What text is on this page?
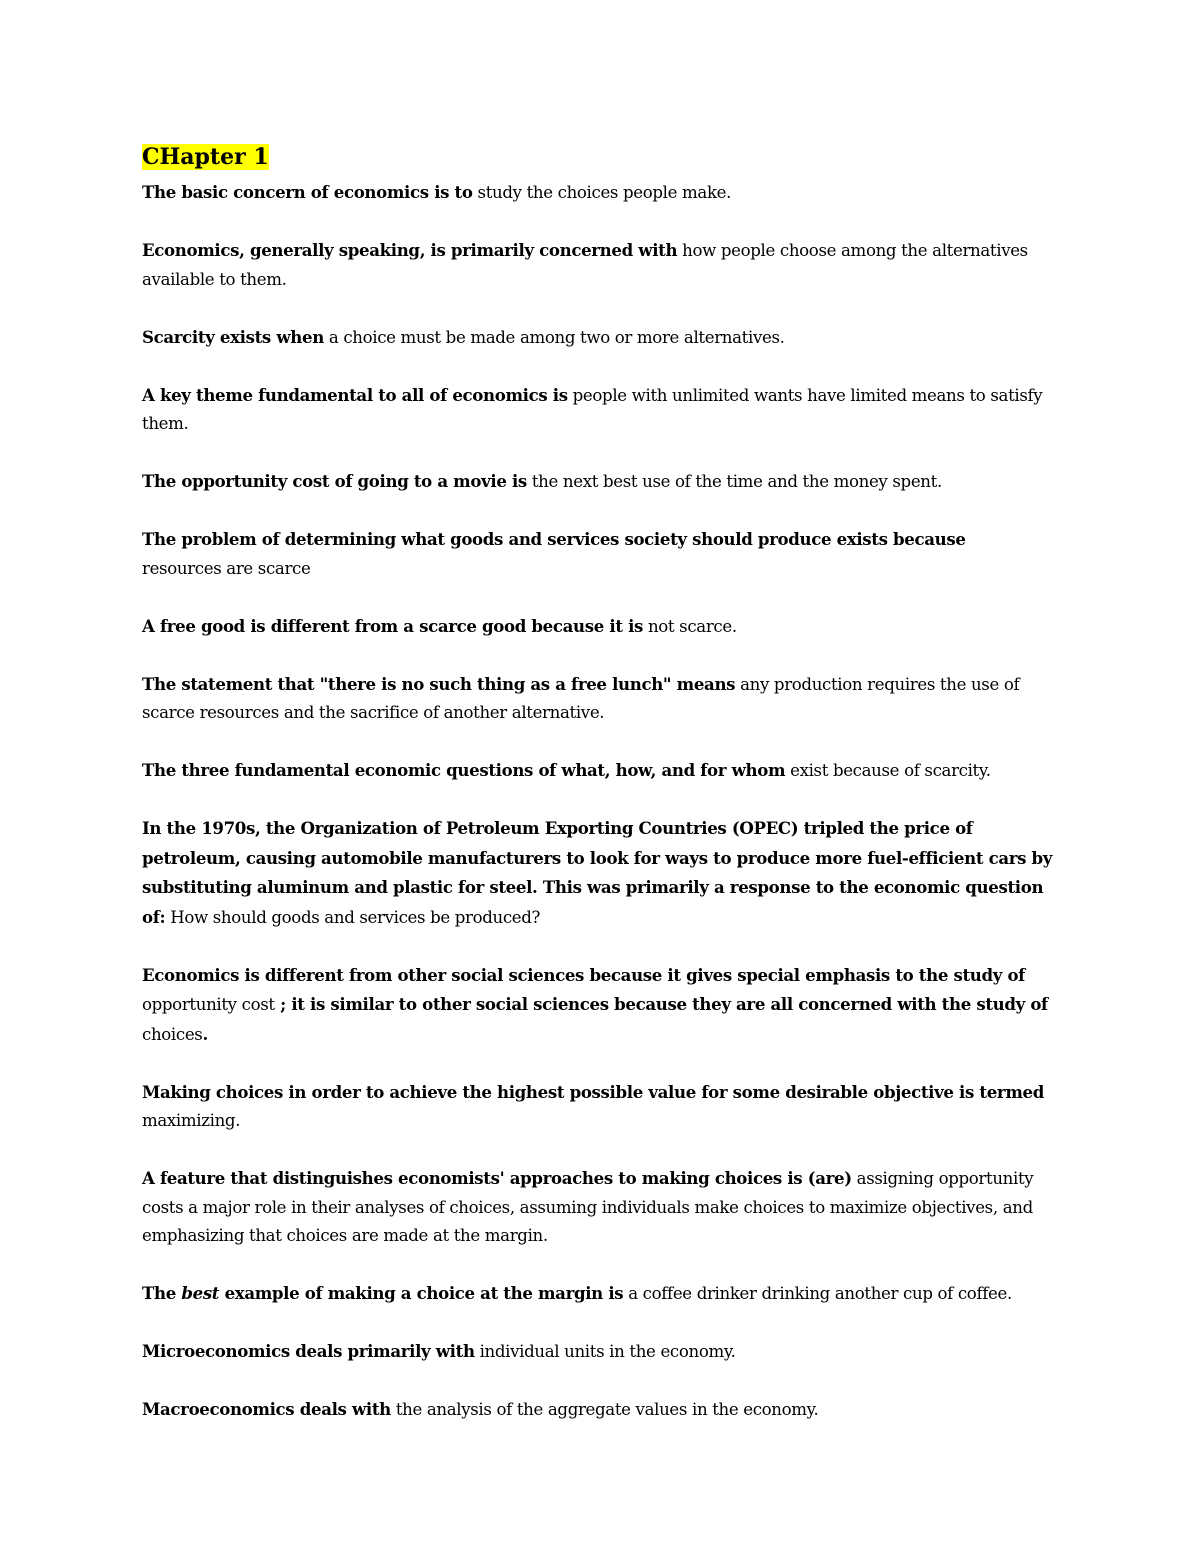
CHapter 1

The basic concern of economics is to study the choices people make.

Economics, generally speaking, is primarily concerned with how people choose among the alternatives available to them.

Scarcity exists when a choice must be made among two or more alternatives.

A key theme fundamental to all of economics is people with unlimited wants have limited means to satisfy them.

The opportunity cost of going to a movie is the next best use of the time and the money spent.

The problem of determining what goods and services society should produce exists because
resources are scarce

A free good is different from a scarce good because it is not scarce.

The statement that "there is no such thing as a free lunch" means any production requires the use of scarce resources and the sacrifice of another alternative.

The three fundamental economic questions of what, how, and for whom exist because of scarcity.

In the 1970s, the Organization of Petroleum Exporting Countries (OPEC) tripled the price of petroleum, causing automobile manufacturers to look for ways to produce more fuel-efficient cars by substituting aluminum and plastic for steel. This was primarily a response to the economic question of: How should goods and services be produced?

Economics is different from other social sciences because it gives special emphasis to the study of opportunity cost ; it is similar to other social sciences because they are all concerned with the study of choices.

Making choices in order to achieve the highest possible value for some desirable objective is termed maximizing.

A feature that distinguishes economists' approaches to making choices is (are) assigning opportunity costs a major role in their analyses of choices, assuming individuals make choices to maximize objectives, and emphasizing that choices are made at the margin.

The best example of making a choice at the margin is a coffee drinker drinking another cup of coffee.

Microeconomics deals primarily with individual units in the economy.

Macroeconomics deals with the analysis of the aggregate values in the economy.
